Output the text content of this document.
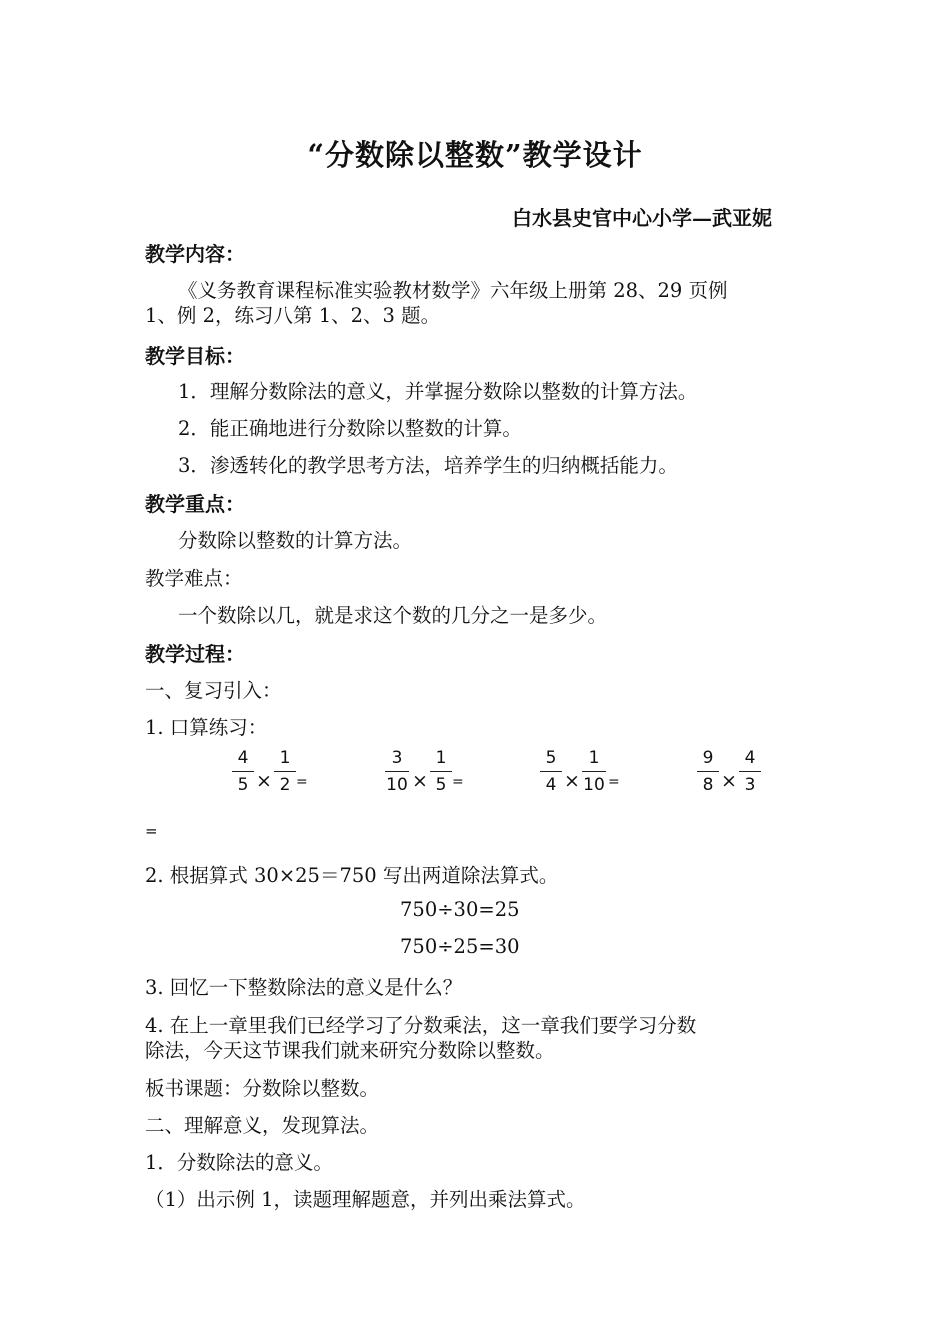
“分数除以整数”教学设计
白水县史官中心小学—武亚妮
教学内容：
《义务教育课程标准实验教材数学》六年级上册第 28、29 页例
1、例 2，练习八第 1、2、3 题。
教学目标：
1．理解分数除法的意义，并掌握分数除以整数的计算方法。
2．能正确地进行分数除以整数的计算。
3．渗透转化的教学思考方法，培养学生的归纳概括能力。
教学重点：
分数除以整数的计算方法。
教学难点：
一个数除以几，就是求这个数的几分之一是多少。
教学过程：
一、复习引入：
1. 口算练习：
4
5 ×
1
2 =
3
10 ×
1
5 =
5
4 ×
1
10 =
9
8 ×
4
3
=
2. 根据算式 30×25＝750 写出两道除法算式。
750÷30=25
750÷25=30
3. 回忆一下整数除法的意义是什么？
4. 在上一章里我们已经学习了分数乘法，这一章我们要学习分数
除法，今天这节课我们就来研究分数除以整数。
板书课题：分数除以整数。
二、理解意义，发现算法。
1．分数除法的意义。
（1）出示例 1，读题理解题意，并列出乘法算式。
